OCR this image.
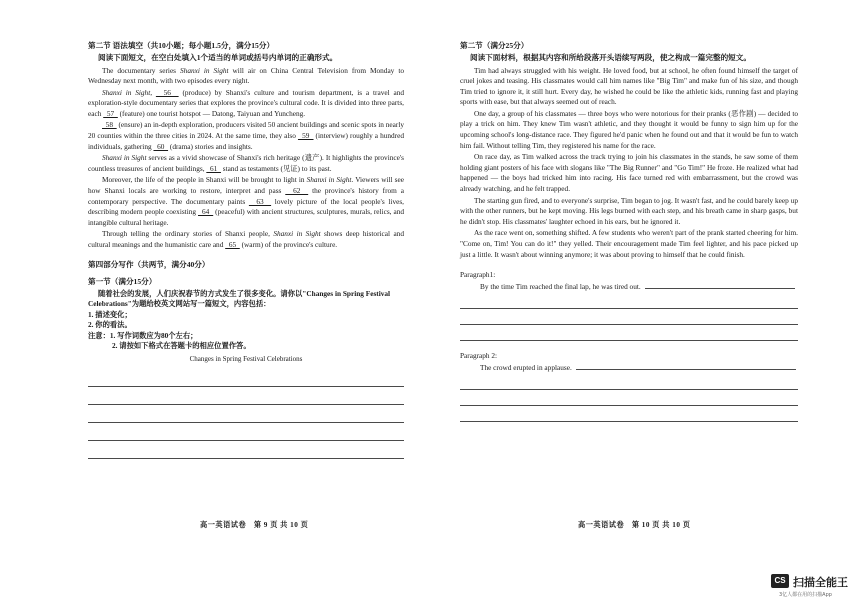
第二节 语法填空（共10小题；每小题1.5分，满分15分）
阅读下面短文，在空白处填入1个适当的单词或括号内单词的正确形式。

The documentary series Shanxi in Sight will air on China Central Television from Monday to Wednesday next month, with two episodes every night.

Shanxi in Sight,   56   (produce) by Shanxi's culture and tourism department, is a travel and exploration-style documentary series that explores the province's cultural code. It is divided into three parts, each   57   (feature) one tourist hotspot — Datong, Taiyuan and Yuncheng.

58   (ensure) an in-depth exploration, producers visited 50 ancient buildings and scenic spots in nearly 20 counties within the three cities in 2024. At the same time, they also   59   (interview) roughly a hundred individuals, gathering   60   (drama) stories and insights.

Shanxi in Sight serves as a vivid showcase of Shanxi's rich heritage (遗产). It highlights the province's countless treasures of ancient buildings,   61   stand as testaments (见证) to its past.

Moreover, the life of the people in Shanxi will be brought to light in Shanxi in Sight. Viewers will see how Shanxi locals are working to restore, interpret and pass   62   the province's history from a contemporary perspective. The documentary paints   63   lovely picture of the local people's lives, describing modern people coexisting   64   (peaceful) with ancient structures, sculptures, murals, relics, and intangible cultural heritage.

Through telling the ordinary stories of Shanxi people, Shanxi in Sight shows deep historical and cultural meanings and the humanistic care and   65   (warm) of the province's culture.

第四部分写作（共两节，满分40分）
第一节（满分15分）

随着社会的发展，人们庆祝春节的方式发生了很多变化。请你以"Changes in Spring Festival Celebrations"为题给校英文网站写一篇短文，内容包括：

1. 描述变化；

2. 你的看法。

注意：1. 写作词数应为80个左右；

2. 请按如下格式在答题卡的相应位置作答。

Changes in Spring Festival Celebrations
高一英语试卷　第 9 页 共 10 页
第二节（满分25分）
阅读下面材料，根据其内容和所给段落开头语续写两段，使之构成一篇完整的短文。

Tim had always struggled with his weight. He loved food, but at school, he often found himself the target of cruel jokes and teasing. His classmates would call him names like "Big Tim" and make fun of his size, and though Tim tried to ignore it, it still hurt. Every day, he wished he could be like the athletic kids, running fast and playing sports with ease, but that always seemed out of reach.

One day, a group of his classmates — three boys who were notorious for their pranks (恶作剧) — decided to play a trick on him. They knew Tim wasn't athletic, and they thought it would be funny to sign him up for the upcoming school's long-distance race. They figured he'd panic when he found out and that it would be fun to watch him fail. Without telling Tim, they registered his name for the race.

On race day, as Tim walked across the track trying to join his classmates in the stands, he saw some of them holding giant posters of his face with slogans like "The Big Runner" and "Go Tim!" He froze. He realized what had happened — the boys had tricked him into racing. His face turned red with embarrassment, but the crowd was already watching, and he felt trapped.

The starting gun fired, and to everyone's surprise, Tim began to jog. It wasn't fast, and he could barely keep up with the other runners, but he kept moving. His legs burned with each step, and his breath came in sharp gasps, but he didn't stop. His classmates' laughter echoed in his ears, but he ignored it.

As the race went on, something shifted. A few students who weren't part of the prank started cheering for him. "Come on, Tim! You can do it!" they yelled. Their encouragement made Tim feel lighter, and his pace picked up just a little. It wasn't about winning anymore; it was about proving to himself that he could finish.

Paragraph1:
By the time Tim reached the final lap, he was tired out.
Paragraph 2:
The crowd erupted in applause.
高一英语试卷　第 10 页 共 10 页
CS 扫描全能王
3亿人都在用的扫描App
